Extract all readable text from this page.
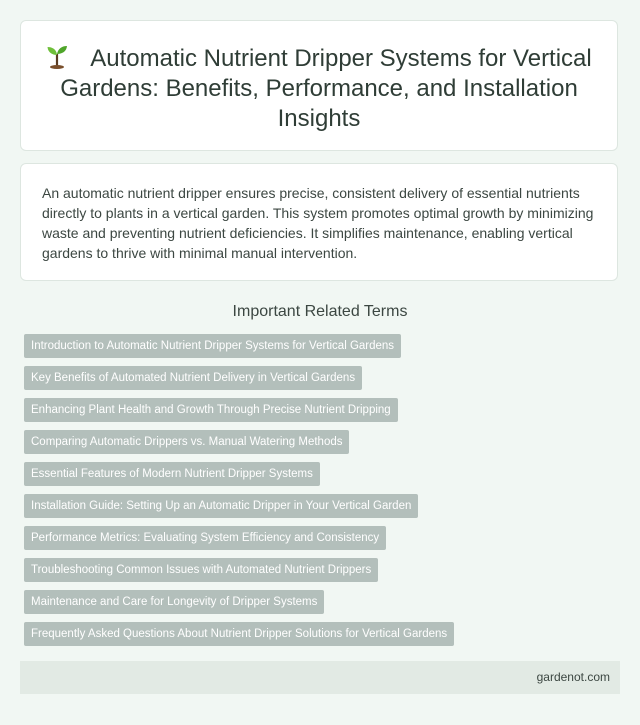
Automatic Nutrient Dripper Systems for Vertical Gardens: Benefits, Performance, and Installation Insights

An automatic nutrient dripper ensures precise, consistent delivery of essential nutrients directly to plants in a vertical garden. This system promotes optimal growth by minimizing waste and preventing nutrient deficiencies. It simplifies maintenance, enabling vertical gardens to thrive with minimal manual intervention.

Important Related Terms
Introduction to Automatic Nutrient Dripper Systems for Vertical Gardens
Key Benefits of Automated Nutrient Delivery in Vertical Gardens
Enhancing Plant Health and Growth Through Precise Nutrient Dripping
Comparing Automatic Drippers vs. Manual Watering Methods
Essential Features of Modern Nutrient Dripper Systems
Installation Guide: Setting Up an Automatic Dripper in Your Vertical Garden
Performance Metrics: Evaluating System Efficiency and Consistency
Troubleshooting Common Issues with Automated Nutrient Drippers
Maintenance and Care for Longevity of Dripper Systems
Frequently Asked Questions About Nutrient Dripper Solutions for Vertical Gardens
gardenot.com
